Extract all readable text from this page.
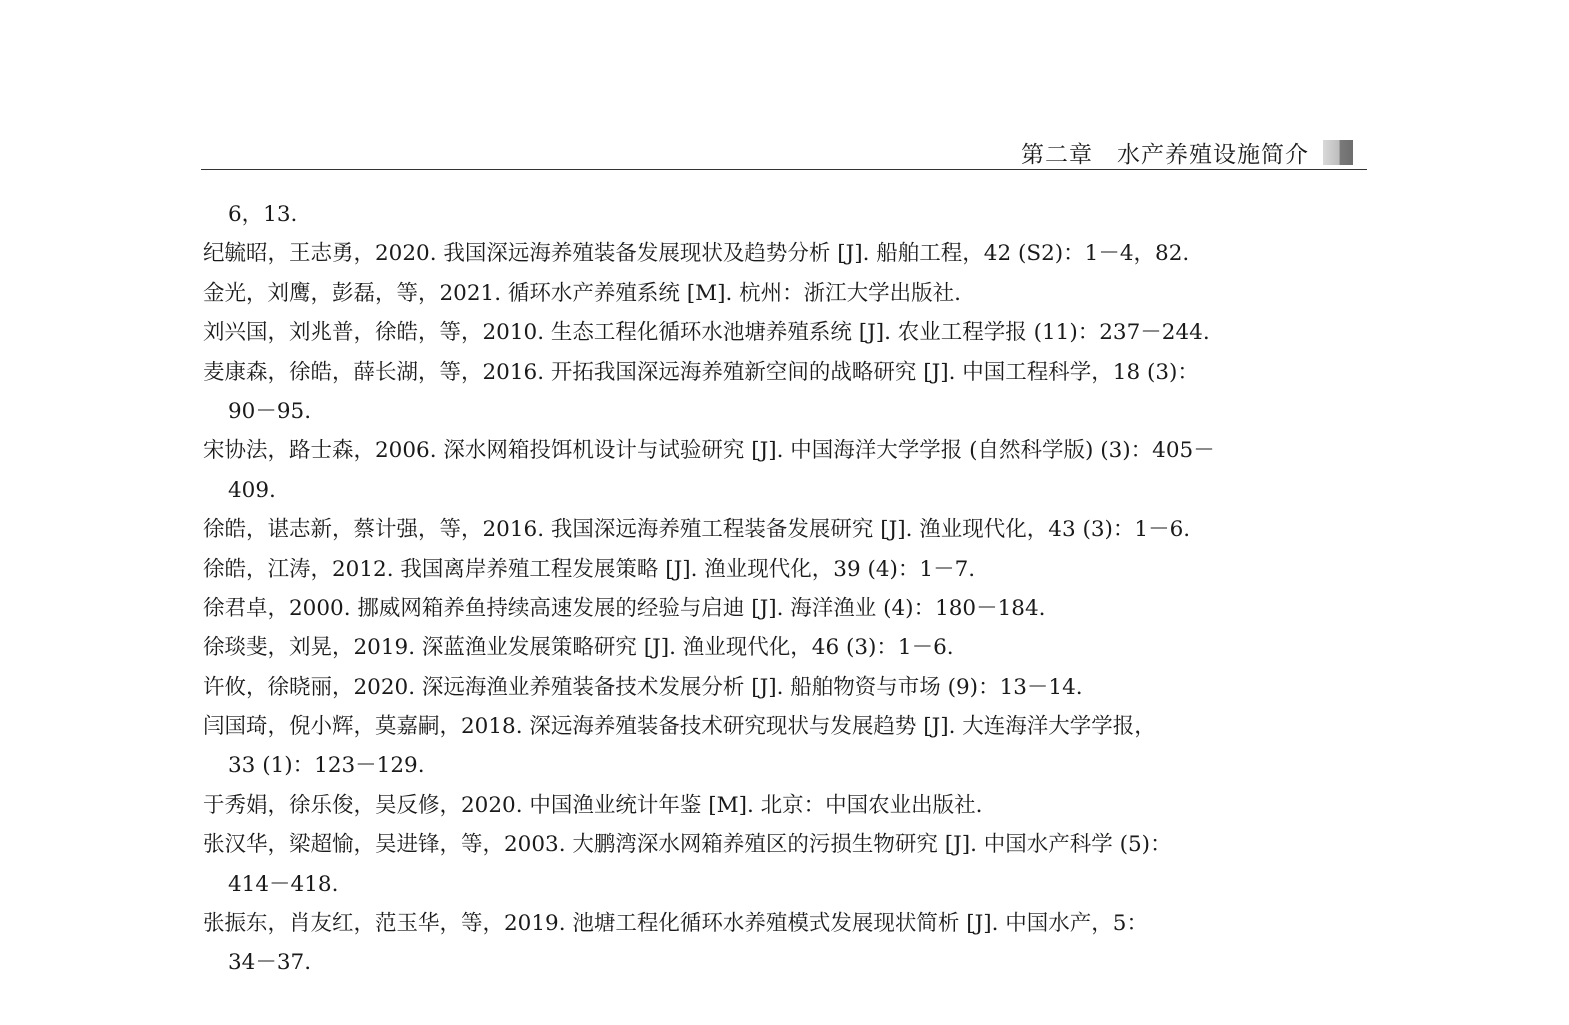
第二章　水产养殖设施简介
6，13.
纪毓昭，王志勇，2020. 我国深远海养殖装备发展现状及趋势分析 [J]. 船舶工程，42 (S2)：1－4，82.
金光，刘鹰，彭磊，等，2021. 循环水产养殖系统 [M]. 杭州：浙江大学出版社.
刘兴国，刘兆普，徐皓，等，2010. 生态工程化循环水池塘养殖系统 [J]. 农业工程学报 (11)：237－244.
麦康森，徐皓，薛长湖，等，2016. 开拓我国深远海养殖新空间的战略研究 [J]. 中国工程科学，18 (3)：
90－95.
宋协法，路士森，2006. 深水网箱投饵机设计与试验研究 [J]. 中国海洋大学学报 (自然科学版) (3)：405－
409.
徐皓，谌志新，蔡计强，等，2016. 我国深远海养殖工程装备发展研究 [J]. 渔业现代化，43 (3)：1－6.
徐皓，江涛，2012. 我国离岸养殖工程发展策略 [J]. 渔业现代化，39 (4)：1－7.
徐君卓，2000. 挪威网箱养鱼持续高速发展的经验与启迪 [J]. 海洋渔业 (4)：180－184.
徐琰斐，刘晃，2019. 深蓝渔业发展策略研究 [J]. 渔业现代化，46 (3)：1－6.
许攸，徐晓丽，2020. 深远海渔业养殖装备技术发展分析 [J]. 船舶物资与市场 (9)：13－14.
闫国琦，倪小辉，莫嘉嗣，2018. 深远海养殖装备技术研究现状与发展趋势 [J]. 大连海洋大学学报，
33 (1)：123－129.
于秀娟，徐乐俊，吴反修，2020. 中国渔业统计年鉴 [M]. 北京：中国农业出版社.
张汉华，梁超愉，吴进锋，等，2003. 大鹏湾深水网箱养殖区的污损生物研究 [J]. 中国水产科学 (5)：
414－418.
张振东，肖友红，范玉华，等，2019. 池塘工程化循环水养殖模式发展现状简析 [J]. 中国水产，5：
34－37.
